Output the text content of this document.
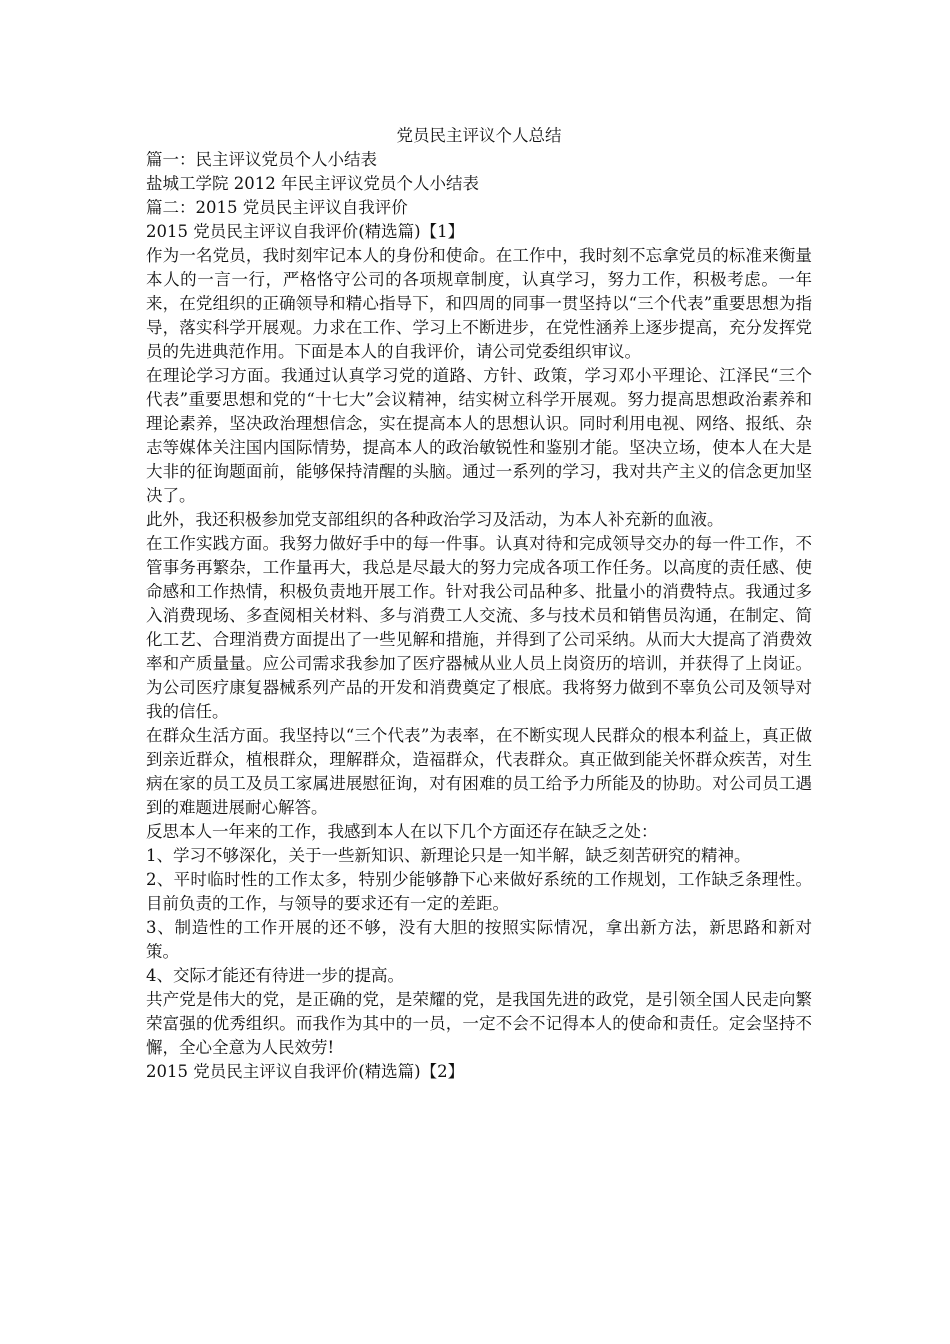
党员民主评议个人总结
篇一：民主评议党员个人小结表
盐城工学院 2012 年民主评议党员个人小结表
篇二：2015 党员民主评议自我评价
2015 党员民主评议自我评价(精选篇)【1】

作为一名党员，我时刻牢记本人的身份和使命。在工作中，我时刻不忘拿党员的标准来衡量本人的一言一行，严格恪守公司的各项规章制度，认真学习，努力工作，积极考虑。一年来，在党组织的正确领导和精心指导下，和四周的同事一贯坚持以“三个代表”重要思想为指导，落实科学开展观。力求在工作、学习上不断进步，在党性涵养上逐步提高，充分发挥党员的先进典范作用。下面是本人的自我评价，请公司党委组织审议。

在理论学习方面。我通过认真学习党的道路、方针、政策，学习邓小平理论、江泽民“三个代表”重要思想和党的“十七大”会议精神，结实树立科学开展观。努力提高思想政治素养和理论素养，坚决政治理想信念，实在提高本人的思想认识。同时利用电视、网络、报纸、杂志等媒体关注国内国际情势，提高本人的政治敏锐性和鉴别才能。坚决立场，使本人在大是大非的征询题面前，能够保持清醒的头脑。通过一系列的学习，我对共产主义的信念更加坚决了。

此外，我还积极参加党支部组织的各种政治学习及活动，为本人补充新的血液。

在工作实践方面。我努力做好手中的每一件事。认真对待和完成领导交办的每一件工作，不管事务再繁杂，工作量再大，我总是尽最大的努力完成各项工作任务。以高度的责任感、使命感和工作热情，积极负责地开展工作。针对我公司品种多、批量小的消费特点。我通过多入消费现场、多查阅相关材料、多与消费工人交流、多与技术员和销售员沟通，在制定、简化工艺、合理消费方面提出了一些见解和措施，并得到了公司采纳。从而大大提高了消费效率和产质量量。应公司需求我参加了医疗器械从业人员上岗资历的培训，并获得了上岗证。为公司医疗康复器械系列产品的开发和消费奠定了根底。我将努力做到不辜负公司及领导对我的信任。

在群众生活方面。我坚持以“三个代表”为表率，在不断实现人民群众的根本利益上，真正做到亲近群众，植根群众，理解群众，造福群众，代表群众。真正做到能关怀群众疾苦，对生病在家的员工及员工家属进展慰征询，对有困难的员工给予力所能及的协助。对公司员工遇到的难题进展耐心解答。

反思本人一年来的工作，我感到本人在以下几个方面还存在缺乏之处：

1、学习不够深化，关于一些新知识、新理论只是一知半解，缺乏刻苦研究的精神。

2、平时临时性的工作太多，特别少能够静下心来做好系统的工作规划，工作缺乏条理性。目前负责的工作，与领导的要求还有一定的差距。

3、制造性的工作开展的还不够，没有大胆的按照实际情况，拿出新方法，新思路和新对策。

4、交际才能还有待进一步的提高。

共产党是伟大的党，是正确的党，是荣耀的党，是我国先进的政党，是引领全国人民走向繁荣富强的优秀组织。而我作为其中的一员，一定不会不记得本人的使命和责任。定会坚持不懈，全心全意为人民效劳!

2015 党员民主评议自我评价(精选篇)【2】
